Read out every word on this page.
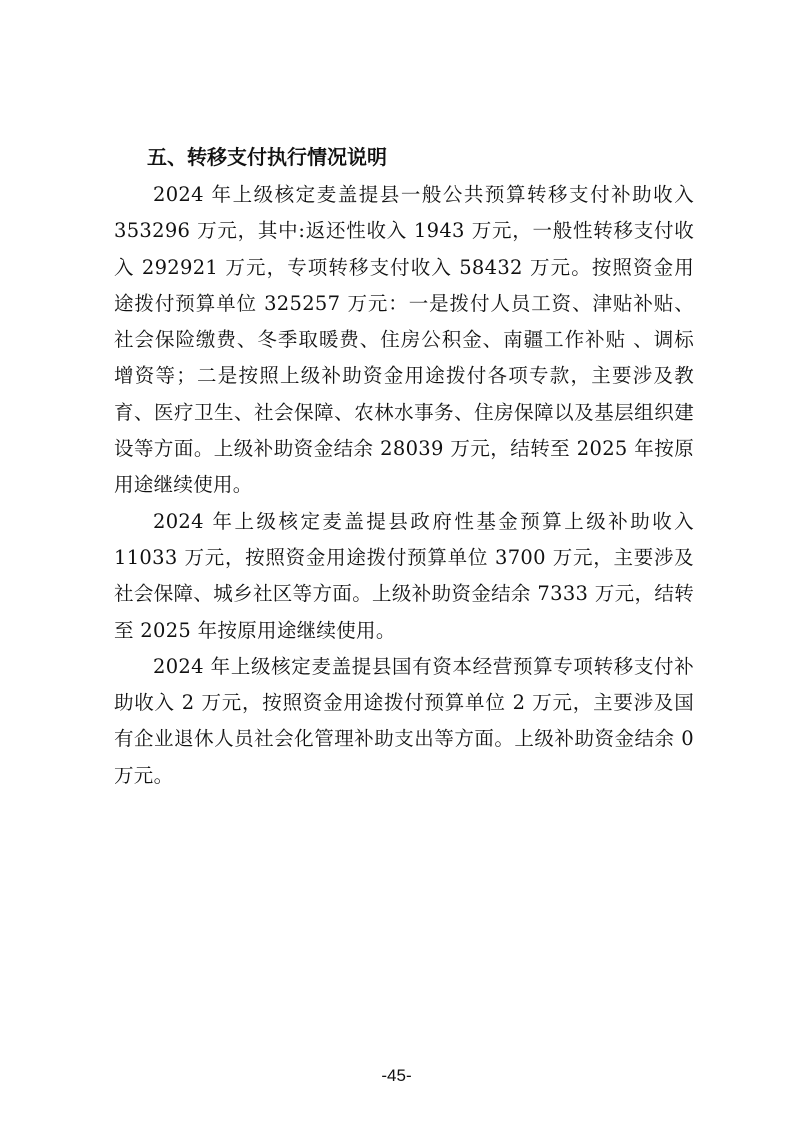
五、转移支付执行情况说明

2024 年上级核定麦盖提县一般公共预算转移支付补助收入 353296 万元，其中:返还性收入 1943 万元，一般性转移支付收入 292921 万元，专项转移支付收入 58432 万元。按照资金用途拨付预算单位 325257 万元：一是拨付人员工资、津贴补贴、社会保险缴费、冬季取暖费、住房公积金、南疆工作补贴 、调标增资等；二是按照上级补助资金用途拨付各项专款，主要涉及教育、医疗卫生、社会保障、农林水事务、住房保障以及基层组织建设等方面。上级补助资金结余 28039 万元，结转至 2025 年按原用途继续使用。

2024 年上级核定麦盖提县政府性基金预算上级补助收入 11033 万元，按照资金用途拨付预算单位 3700 万元，主要涉及社会保障、城乡社区等方面。上级补助资金结余 7333 万元，结转至 2025 年按原用途继续使用。

2024 年上级核定麦盖提县国有资本经营预算专项转移支付补助收入 2 万元，按照资金用途拨付预算单位 2 万元，主要涉及国有企业退休人员社会化管理补助支出等方面。上级补助资金结余 0 万元。

-45-
